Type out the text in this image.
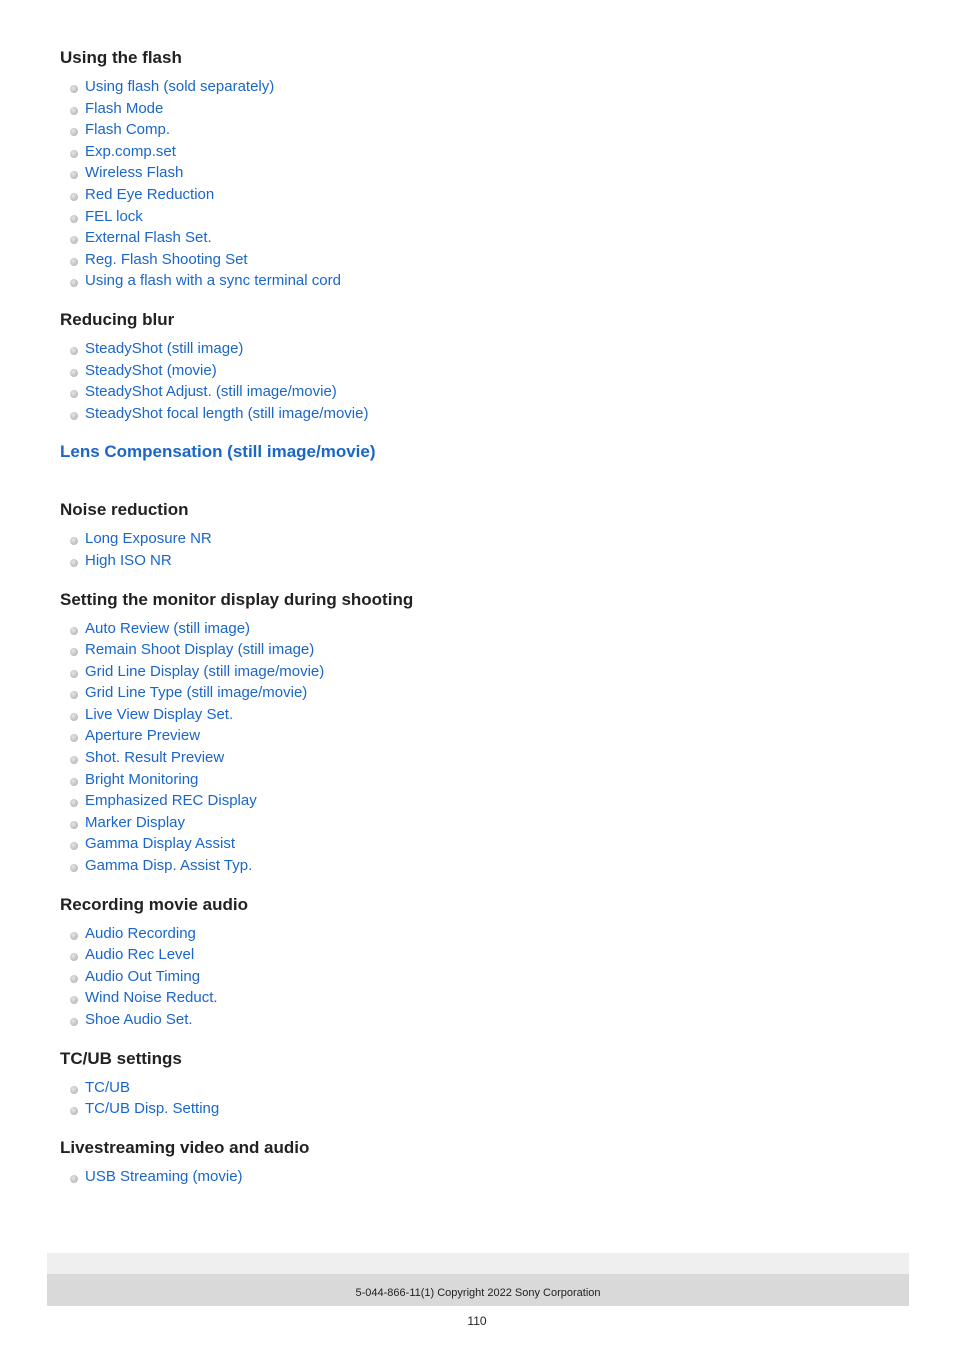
Using the flash
Using flash (sold separately)
Flash Mode
Flash Comp.
Exp.comp.set
Wireless Flash
Red Eye Reduction
FEL lock
External Flash Set.
Reg. Flash Shooting Set
Using a flash with a sync terminal cord
Reducing blur
SteadyShot (still image)
SteadyShot (movie)
SteadyShot Adjust. (still image/movie)
SteadyShot focal length (still image/movie)
Lens Compensation (still image/movie)
Noise reduction
Long Exposure NR
High ISO NR
Setting the monitor display during shooting
Auto Review (still image)
Remain Shoot Display (still image)
Grid Line Display (still image/movie)
Grid Line Type (still image/movie)
Live View Display Set.
Aperture Preview
Shot. Result Preview
Bright Monitoring
Emphasized REC Display
Marker Display
Gamma Display Assist
Gamma Disp. Assist Typ.
Recording movie audio
Audio Recording
Audio Rec Level
Audio Out Timing
Wind Noise Reduct.
Shoe Audio Set.
TC/UB settings
TC/UB
TC/UB Disp. Setting
Livestreaming video and audio
USB Streaming (movie)
5-044-866-11(1) Copyright 2022 Sony Corporation
110
